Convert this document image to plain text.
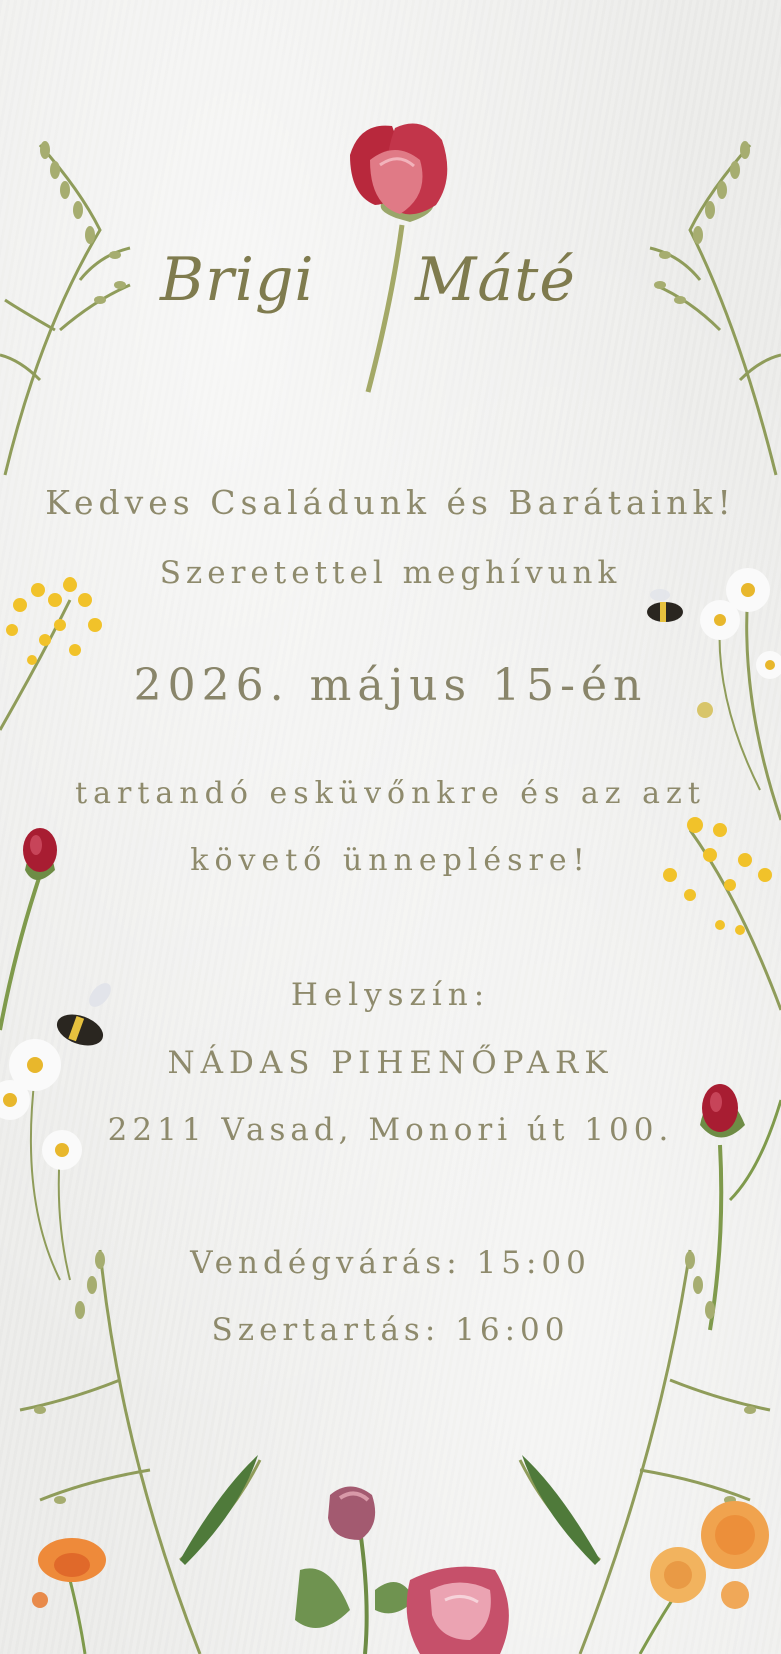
Brigi Máté
Kedves Családunk és Barátaink!
Szeretettel meghívunk
2026. május 15-én
tartandó esküvőnkre és az azt
követő ünneplésre!
Helyszín:
NÁDAS PIHENŐPARK
2211 Vasad, Monori út 100.
Vendégvárás: 15:00
Szertartás: 16:00
